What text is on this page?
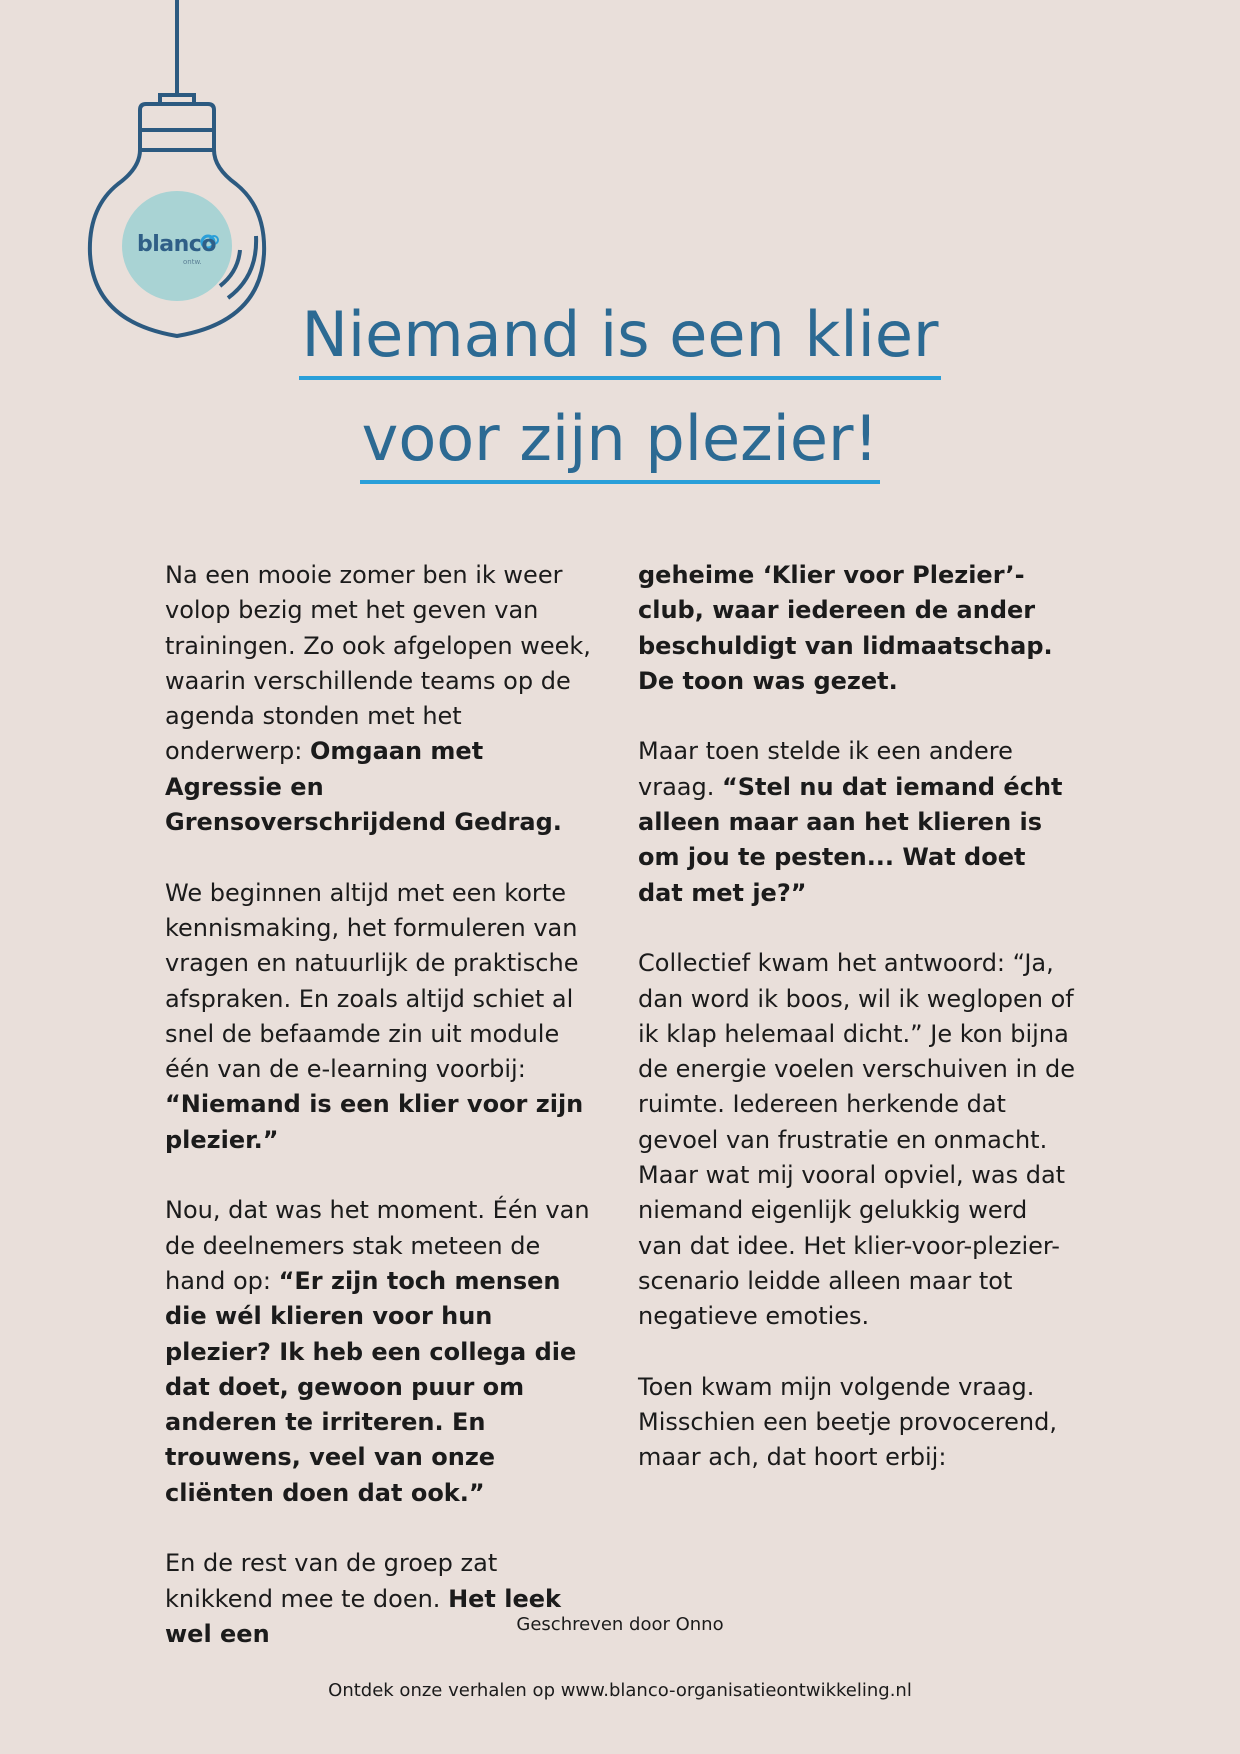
ontw.
blanco
Niemand is een klier
voor zijn plezier!

Na een mooie zomer ben ik weer volop bezig met het geven van trainingen. Zo ook afgelopen week, waarin verschillende teams op de agenda stonden met het onderwerp: Omgaan met Agressie en Grensoverschrijdend Gedrag.

We beginnen altijd met een korte kennismaking, het formuleren van vragen en natuurlijk de praktische afspraken. En zoals altijd schiet al snel de befaamde zin uit module één van de e-learning voorbij: “Niemand is een klier voor zijn plezier.”

Nou, dat was het moment. Één van de deelnemers stak meteen de hand op: “Er zijn toch mensen die wél klieren voor hun plezier? Ik heb een collega die dat doet, gewoon puur om anderen te irriteren. En trouwens, veel van onze cliënten doen dat ook.”

En de rest van de groep zat knikkend mee te doen. Het leek wel een

geheime ‘Klier voor Plezier’-club, waar iedereen de ander beschuldigt van lidmaatschap. De toon was gezet.

Maar toen stelde ik een andere vraag. “Stel nu dat iemand écht alleen maar aan het klieren is om jou te pesten... Wat doet dat met je?”

Collectief kwam het antwoord: “Ja, dan word ik boos, wil ik weglopen of ik klap helemaal dicht.” Je kon bijna de energie voelen verschuiven in de ruimte. Iedereen herkende dat gevoel van frustratie en onmacht. Maar wat mij vooral opviel, was dat niemand eigenlijk gelukkig werd van dat idee. Het klier-voor-plezier-scenario leidde alleen maar tot negatieve emoties.

Toen kwam mijn volgende vraag. Misschien een beetje provocerend, maar ach, dat hoort erbij:

Geschreven door Onno
Ontdek onze verhalen op www.blanco-organisatieontwikkeling.nl
